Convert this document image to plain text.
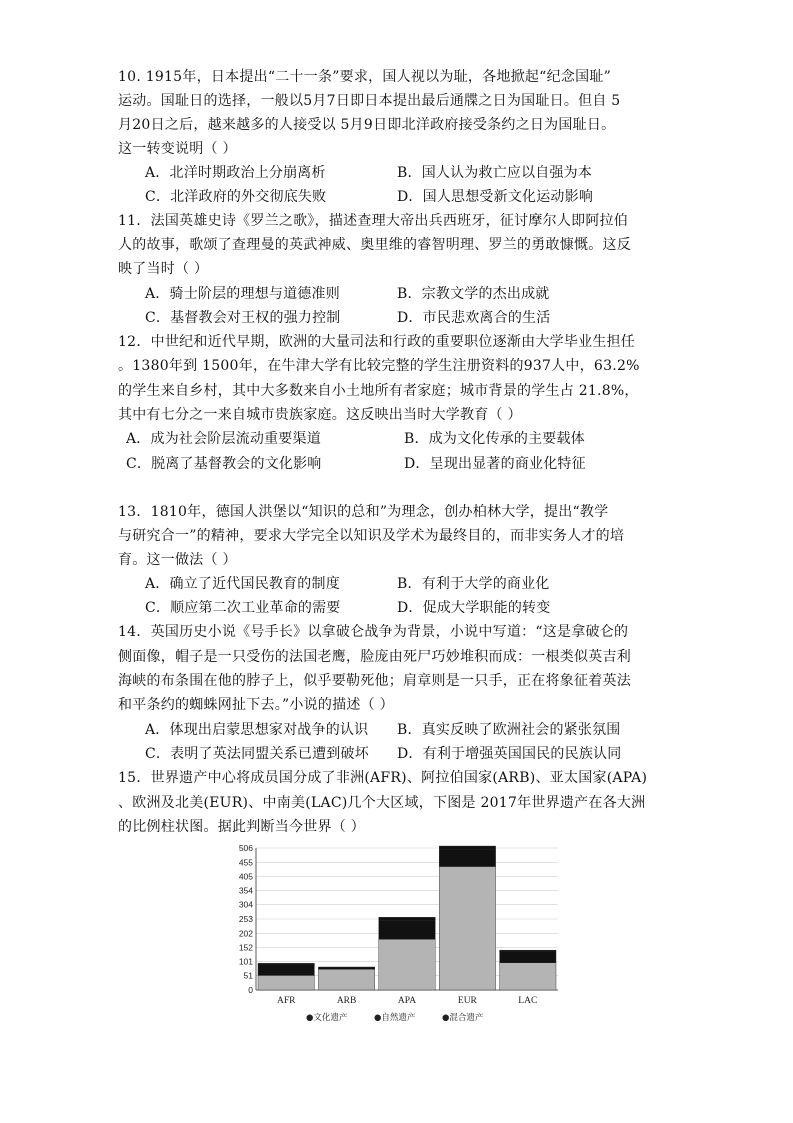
10. 1915年，日本提出“二十一条”要求，国人视以为耻，各地掀起“纪念国耻”
运动。国耻日的选择，一般以5月7日即日本提出最后通牒之日为国耻日。但自 5
月20日之后，越来越多的人接受以 5月9日即北洋政府接受条约之日为国耻日。
这一转变说明（ ）
A．北洋时期政治上分崩离析	B．国人认为救亡应以自强为本
C．北洋政府的外交彻底失败	D．国人思想受新文化运动影响
11．法国英雄史诗《罗兰之歌》，描述查理大帝出兵西班牙，征讨摩尔人即阿拉伯
人的故事，歌颂了查理曼的英武神威、奥里维的睿智明理、罗兰的勇敢慷慨。这反
映了当时（ ）
A．骑士阶层的理想与道德准则	B．宗教文学的杰出成就
C．基督教会对王权的强力控制	D．市民悲欢离合的生活
12．中世纪和近代早期，欧洲的大量司法和行政的重要职位逐渐由大学毕业生担任
。1380年到 1500年，在牛津大学有比较完整的学生注册资料的937人中，63.2%
的学生来自乡村，其中大多数来自小土地所有者家庭；城市背景的学生占 21.8%，
其中有七分之一来自城市贵族家庭。这反映出当时大学教育（ ）
A．成为社会阶层流动重要渠道	B．成为文化传承的主要载体
C．脱离了基督教会的文化影响	D．呈现出显著的商业化特征
13．1810年，德国人洪堡以“知识的总和”为理念，创办柏林大学，提出“教学
与研究合一”的精神，要求大学完全以知识及学术为最终目的，而非实务人才的培
育。这一做法（ ）
A．确立了近代国民教育的制度	B．有利于大学的商业化
C．顺应第二次工业革命的需要	D．促成大学职能的转变
14．英国历史小说《号手长》以拿破仑战争为背景，小说中写道：“这是拿破仑的
侧面像，帽子是一只受伤的法国老鹰，脸庞由死尸巧妙堆积而成：一根类似英吉利
海峡的布条围在他的脖子上，似乎要勒死他；肩章则是一只手，正在将象征着英法
和平条约的蜘蛛网扯下去。”小说的描述（ ）
A．体现出启蒙思想家对战争的认识 B．真实反映了欧洲社会的紧张氛围
C．表明了英法同盟关系已遭到破坏 D．有利于增强英国国民的民族认同
15．世界遗产中心将成员国分成了非洲(AFR)、阿拉伯国家(ARB)、亚太国家(APA)
、欧洲及北美(EUR)、中南美(LAC)几个大区域，下图是 2017年世界遗产在各大洲
的比例柱状图。据此判断当今世界（ ）
0
51
101
152
202
253
304
354
405
455
506
AFR	ARB	APA	EUR	LAC
●文化遗产	●自然遗产	●混合遗产
